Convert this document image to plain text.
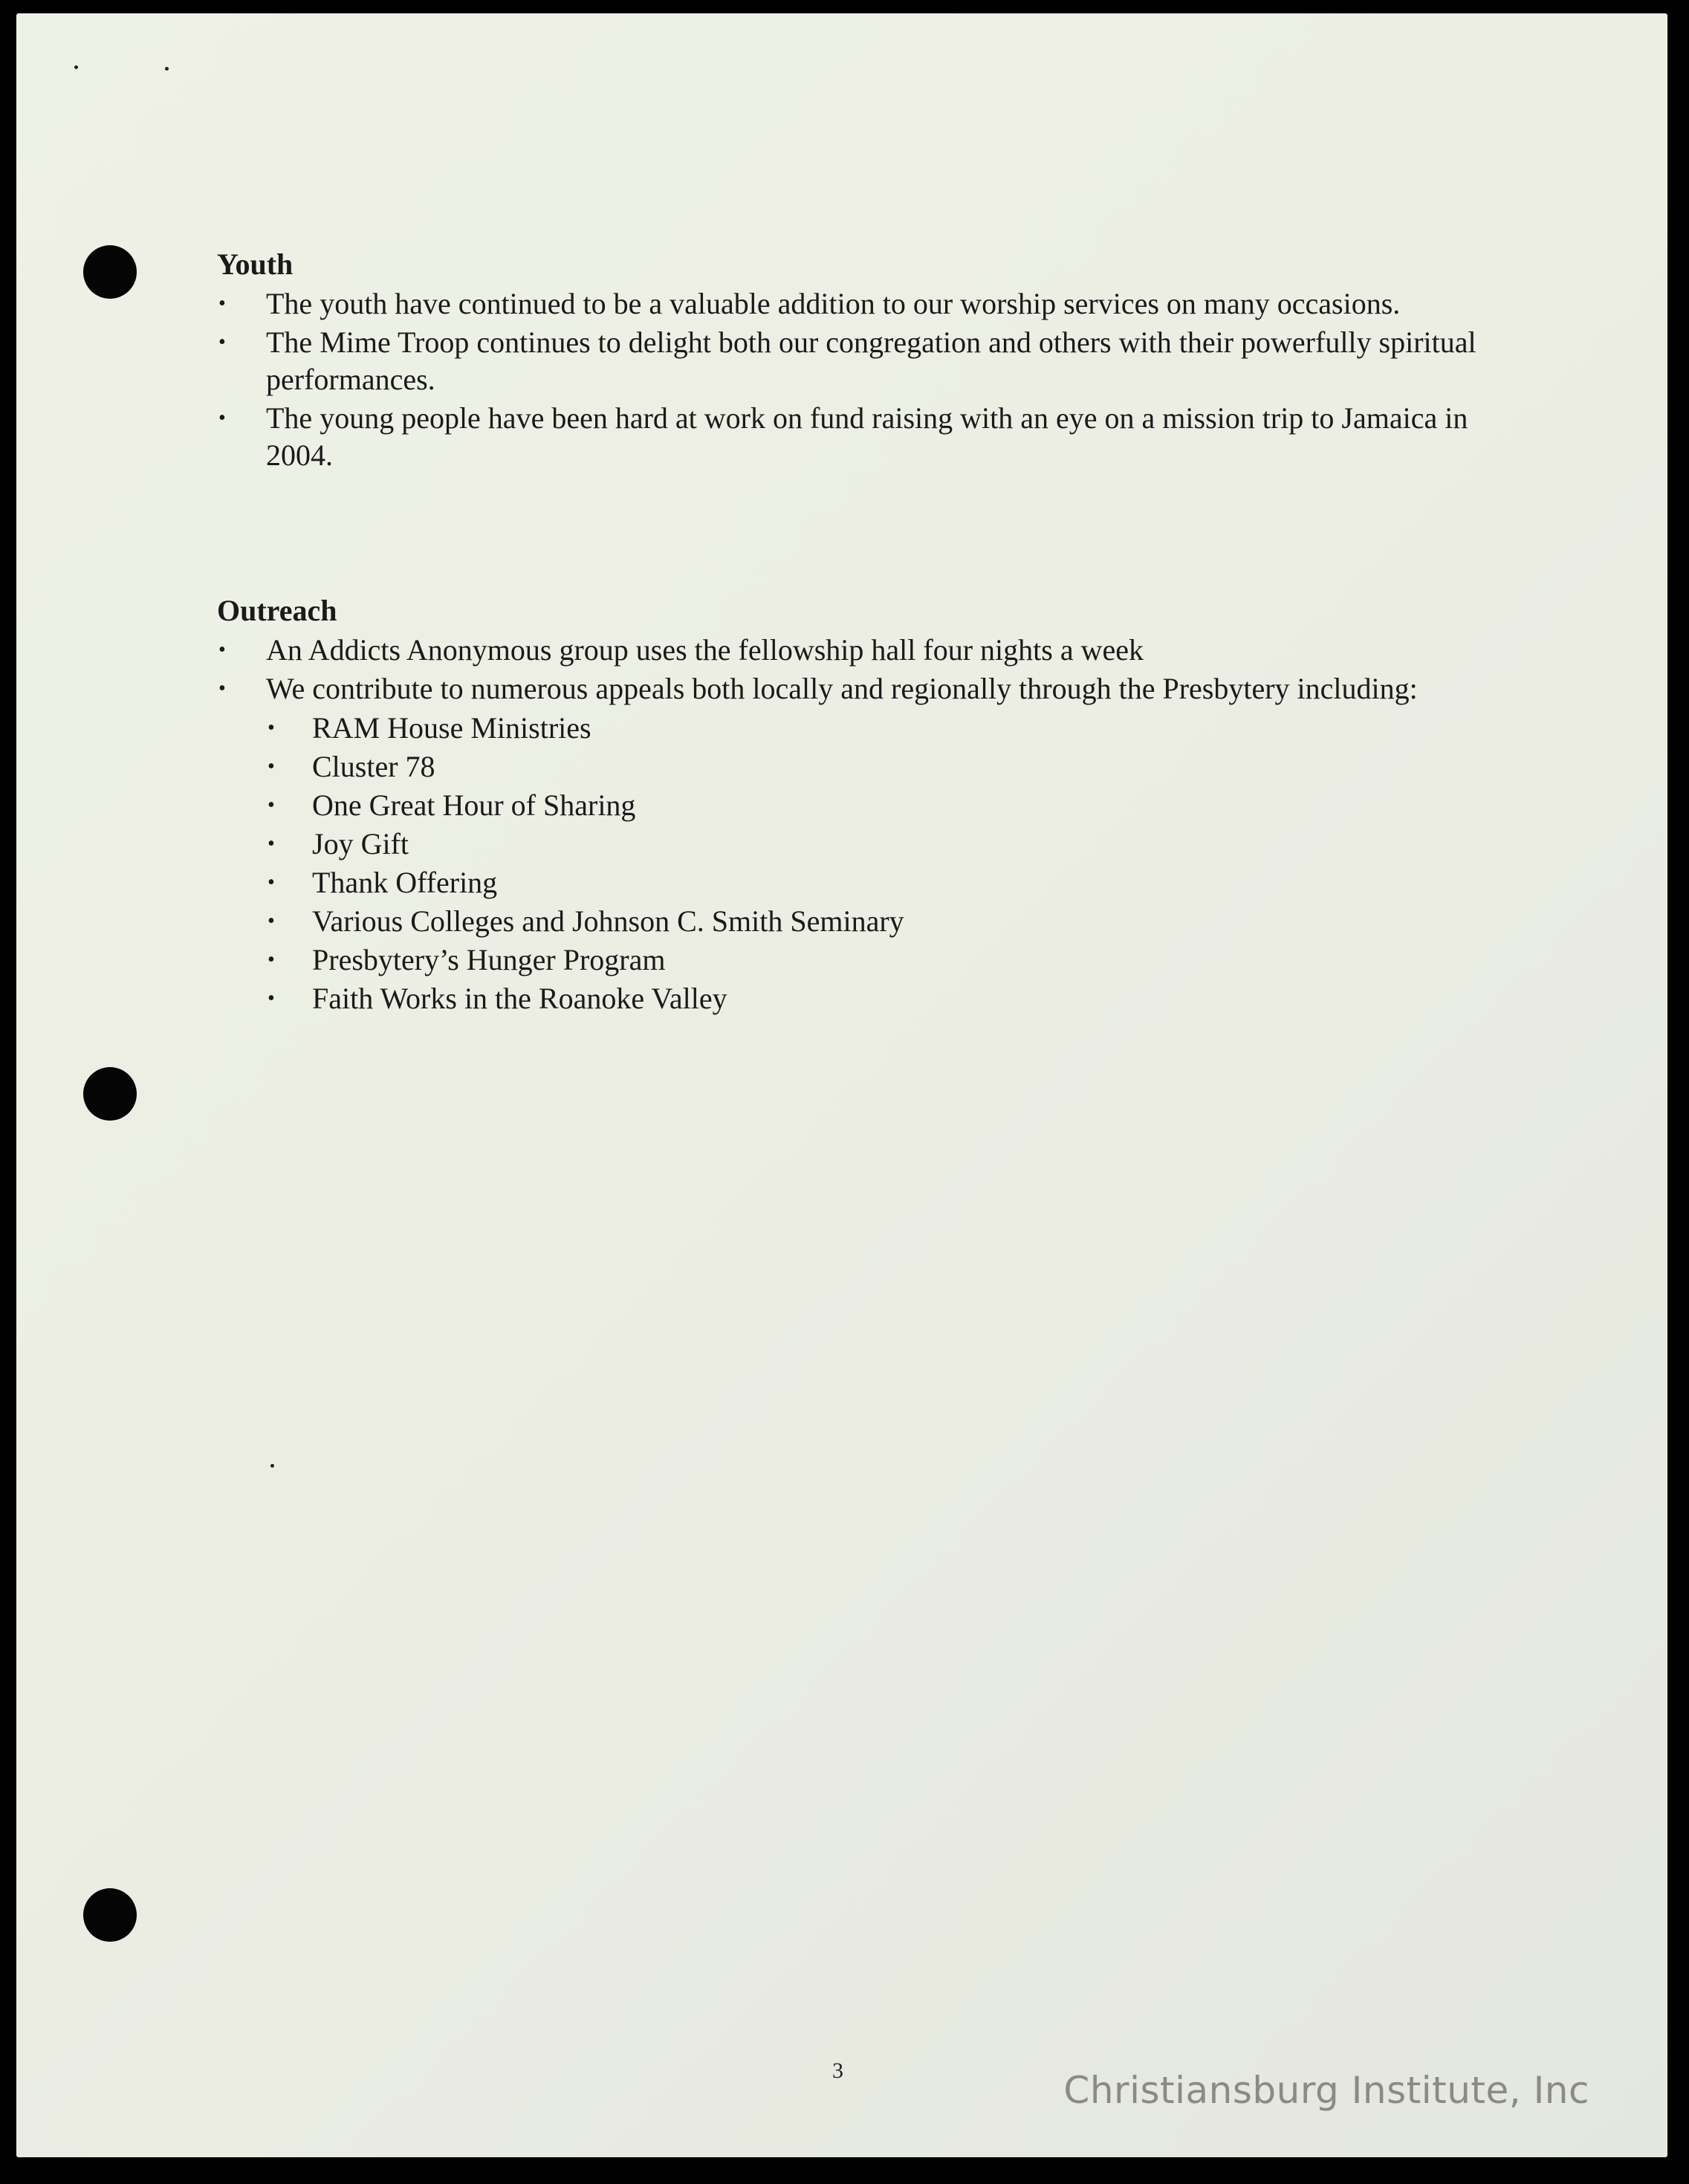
Youth
• The youth have continued to be a valuable addition to our worship services on many occasions.
• The Mime Troop continues to delight both our congregation and others with their powerfully spiritual performances.
• The young people have been hard at work on fund raising with an eye on a mission trip to Jamaica in 2004.
Outreach
• An Addicts Anonymous group uses the fellowship hall four nights a week
• We contribute to numerous appeals both locally and regionally through the Presbytery including:
• RAM House Ministries
• Cluster 78
• One Great Hour of Sharing
• Joy Gift
• Thank Offering
• Various Colleges and Johnson C. Smith Seminary
• Presbytery’s Hunger Program
• Faith Works in the Roanoke Valley
3	Christiansburg Institute, Inc
